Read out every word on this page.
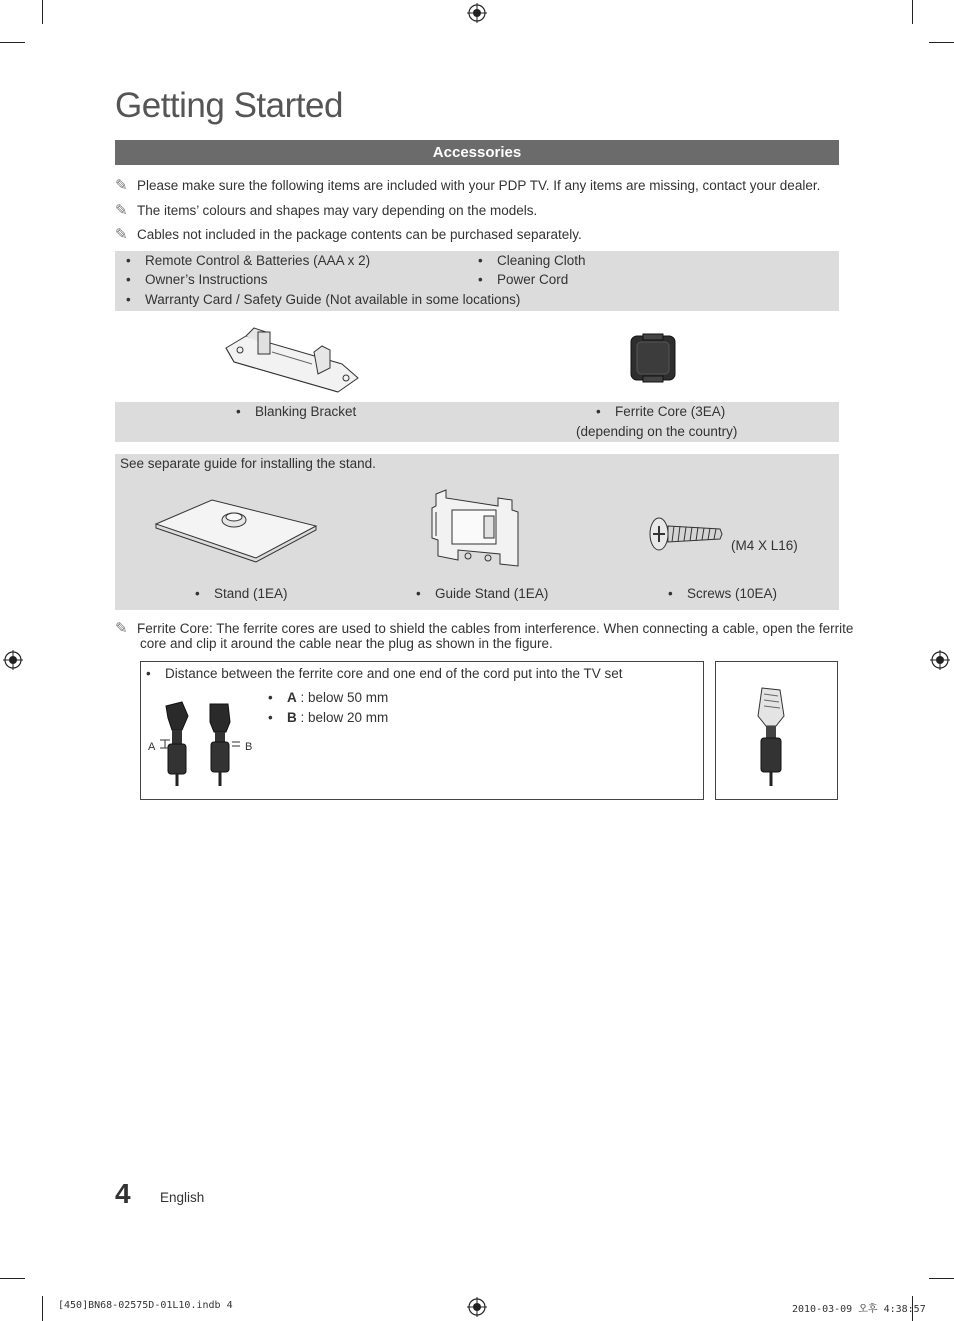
Getting Started
Accessories
✎ Please make sure the following items are included with your PDP TV. If any items are missing, contact your dealer.
✎ The items’ colours and shapes may vary depending on the models.
✎ Cables not included in the package contents can be purchased separately.
• Remote Control & Batteries (AAA x 2)
• Owner’s Instructions
• Warranty Card / Safety Guide (Not available in some locations)
• Cleaning Cloth
• Power Cord
• Blanking Bracket	• Ferrite Core (3EA)
(depending on the country)
See separate guide for installing the stand.
(M4 X L16)
• Stand (1EA)	• Guide Stand (1EA)	• Screws (10EA)
✎ Ferrite Core: The ferrite cores are used to shield the cables from interference. When connecting a cable, open the ferrite
core and clip it around the cable near the plug as shown in the figure.
• Distance between the ferrite core and one end of the cord put into the TV set
• A : below 50 mm
• B : below 20 mm
A	B
4 English
[450]BN68-02575D-01L10.indb 4	2010-03-09 오후 4:38:57
